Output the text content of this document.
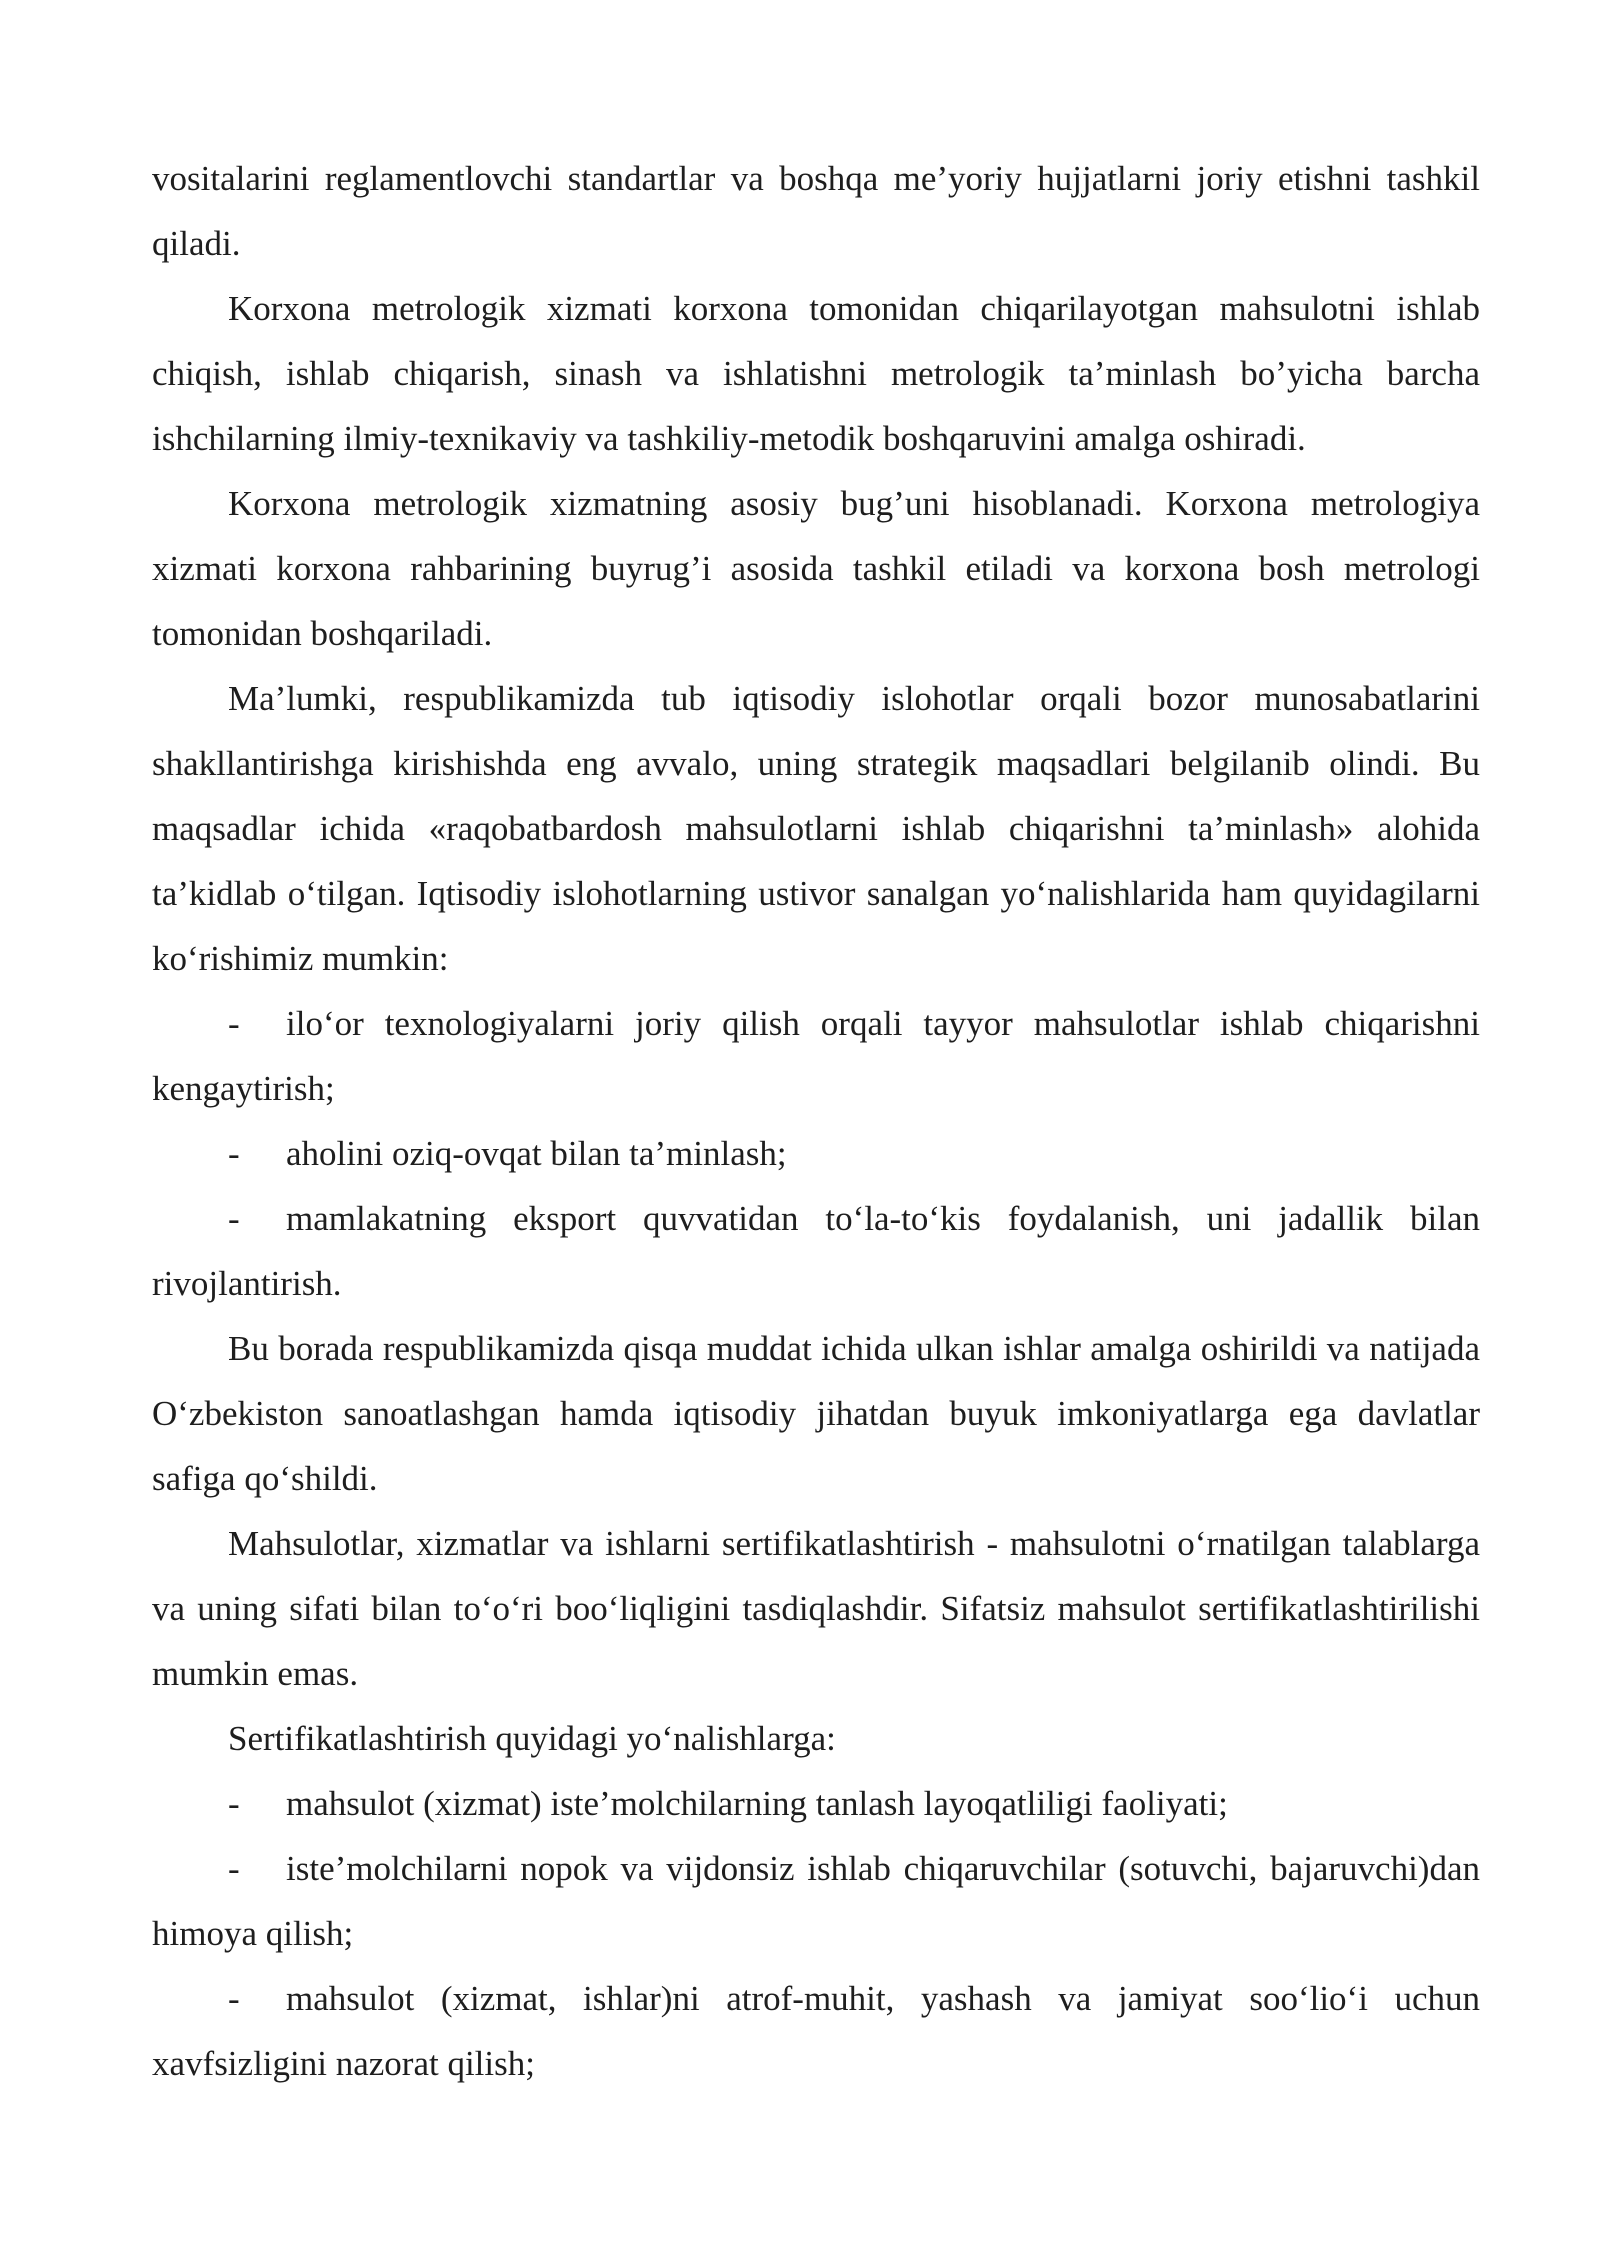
vositalarini reglamentlovchi standartlar va boshqa me’yoriy hujjatlarni joriy etishni tashkil qiladi.

Korxona metrologik xizmati korxona tomonidan chiqarilayotgan mahsulotni ishlab chiqish, ishlab chiqarish, sinash va ishlatishni metrologik ta’minlash bo’yicha barcha ishchilarning ilmiy-texnikaviy va tashkiliy-metodik boshqaruvini amalga oshiradi.

Korxona metrologik xizmatning asosiy bug’uni hisoblanadi. Korxona metrologiya xizmati korxona rahbarining buyrug’i asosida tashkil etiladi va korxona bosh metrologi tomonidan boshqariladi.

Ma’lumki, respublikamizda tub iqtisodiy islohotlar orqali bozor munosabatlarini shakllantirishga kirishishda eng avvalo, uning strategik maqsadlari belgilanib olindi. Bu maqsadlar ichida «raqobatbardosh mahsulotlarni ishlab chiqarishni ta’minlash» alohida ta’kidlab o‘tilgan. Iqtisodiy islohotlarning ustivor sanalgan yo‘nalishlarida ham quyidagilarni ko‘rishimiz mumkin:

- ilo‘or texnologiyalarni joriy qilish orqali tayyor mahsulotlar ishlab chiqarishni kengaytirish;

- aholini oziq-ovqat bilan ta’minlash;

- mamlakatning eksport quvvatidan to‘la-to‘kis foydalanish, uni jadallik bilan rivojlantirish.

Bu borada respublikamizda qisqa muddat ichida ulkan ishlar amalga oshirildi va natijada O‘zbekiston sanoatlashgan hamda iqtisodiy jihatdan buyuk imkoniyatlarga ega davlatlar safiga qo‘shildi.

Mahsulotlar, xizmatlar va ishlarni sertifikatlashtirish - mahsulotni o‘rnatilgan talablarga va uning sifati bilan to‘o‘ri boo‘liqligini tasdiqlashdir. Sifatsiz mahsulot sertifikatlashtirilishi mumkin emas.

Sertifikatlashtirish quyidagi yo‘nalishlarga:

- mahsulot (xizmat) iste’molchilarning tanlash layoqatliligi faoliyati;

- iste’molchilarni nopok va vijdonsiz ishlab chiqaruvchilar (sotuvchi, bajaruvchi)dan himoya qilish;

- mahsulot (xizmat, ishlar)ni atrof-muhit, yashash va jamiyat soo‘lio‘i uchun xavfsizligini nazorat qilish;
